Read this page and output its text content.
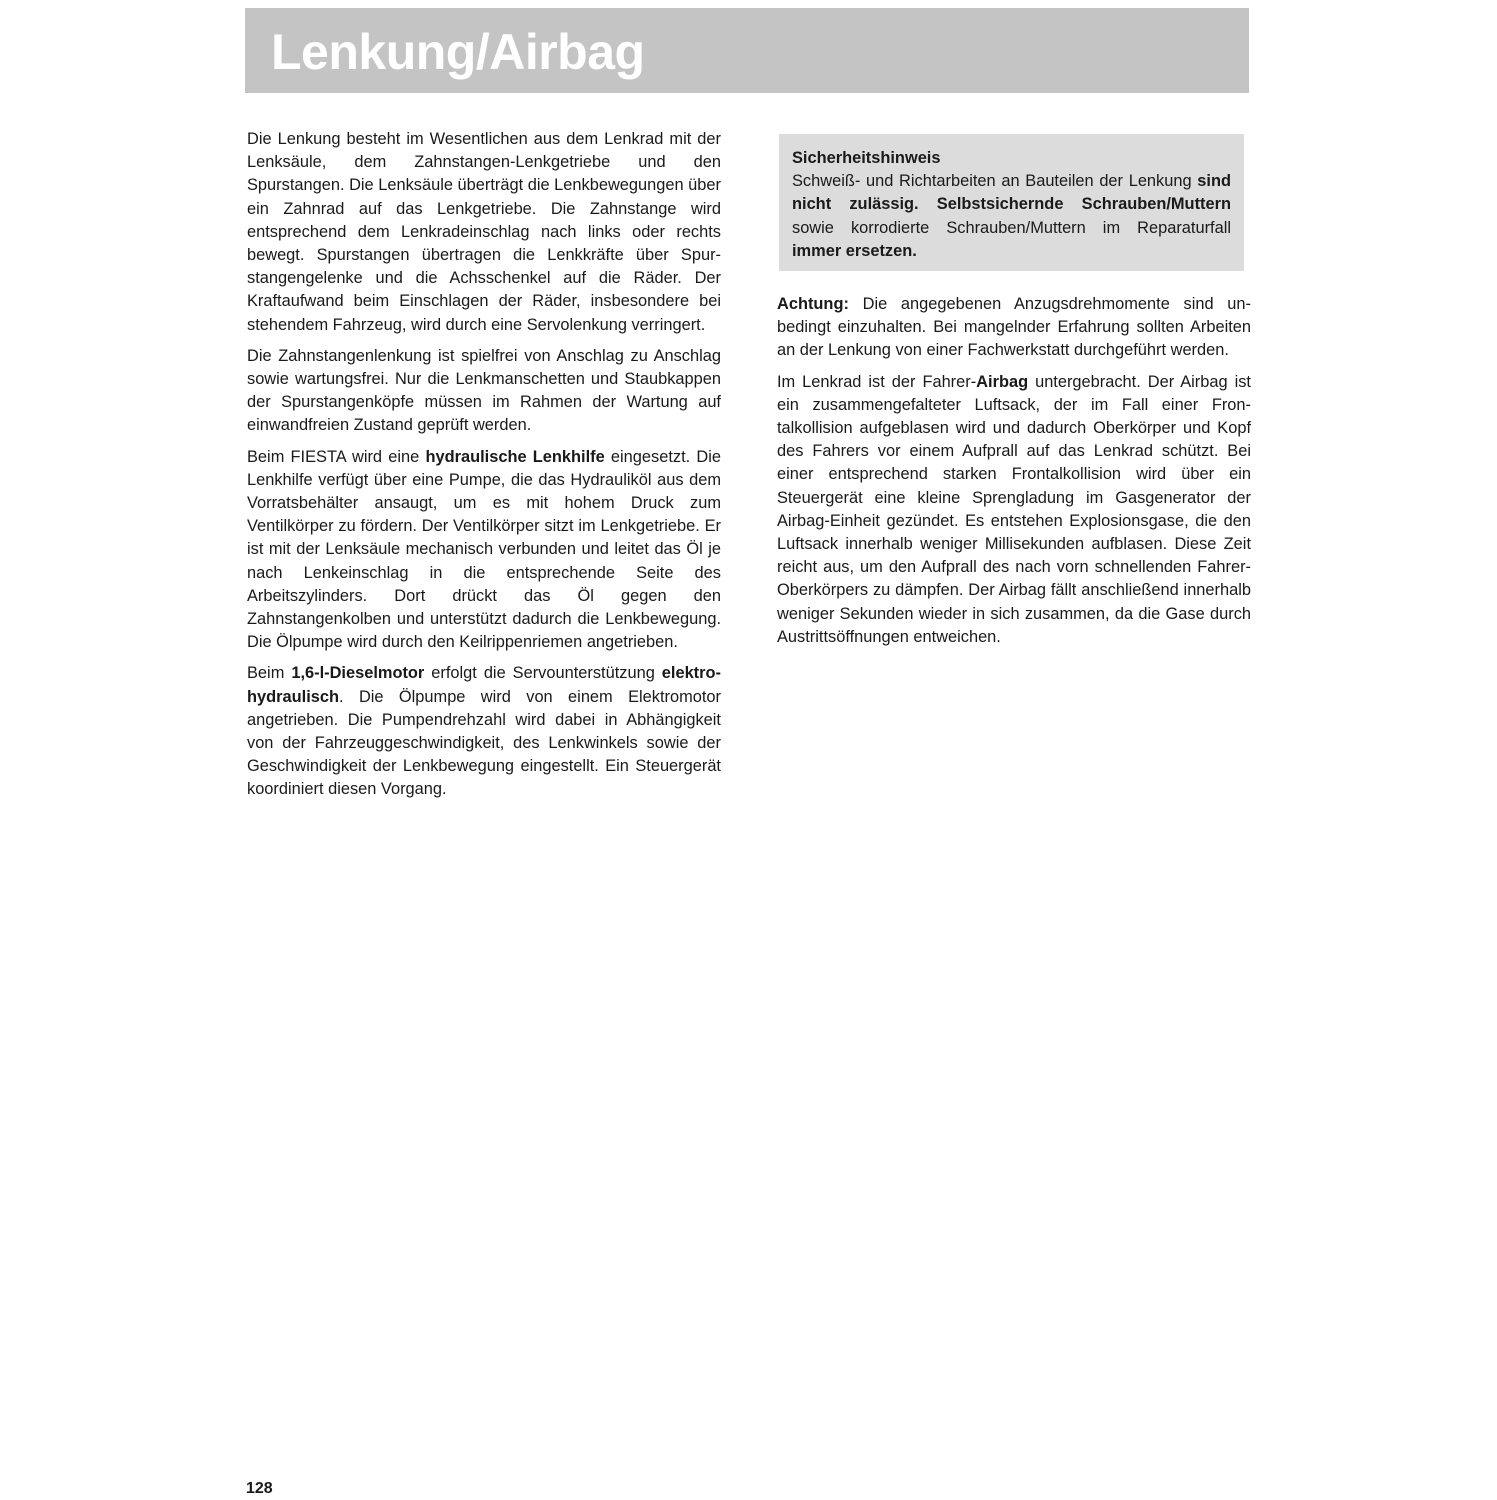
Lenkung/Airbag

Die Lenkung besteht im Wesentlichen aus dem Lenkrad mit der Lenksäule, dem Zahnstangen-Lenkgetriebe und den Spurstangen. Die Lenksäule überträgt die Lenkbewegungen über ein Zahnrad auf das Lenkgetriebe. Die Zahnstange wird entsprechend dem Lenkradeinschlag nach links oder rechts bewegt. Spurstangen übertragen die Lenkkräfte über Spurstangengelenke und die Achsschenkel auf die Räder. Der Kraftaufwand beim Einschlagen der Räder, insbesondere bei stehendem Fahrzeug, wird durch eine Servolenkung verringert.

Die Zahnstangenlenkung ist spielfrei von Anschlag zu Anschlag sowie wartungsfrei. Nur die Lenkmanschetten und Staubkappen der Spurstangenköpfe müssen im Rahmen der Wartung auf einwandfreien Zustand geprüft werden.

Beim FIESTA wird eine hydraulische Lenkhilfe eingesetzt. Die Lenkhilfe verfügt über eine Pumpe, die das Hydrauliköl aus dem Vorratsbehälter ansaugt, um es mit hohem Druck zum Ventilkörper zu fördern. Der Ventilkörper sitzt im Lenkgetriebe. Er ist mit der Lenksäule mechanisch verbunden und leitet das Öl je nach Lenkeinschlag in die entsprechende Seite des Arbeitszylinders. Dort drückt das Öl gegen den Zahnstangenkolben und unterstützt dadurch die Lenkbewegung. Die Ölpumpe wird durch den Keilrippenriemen angetrieben.

Beim 1,6-l-Dieselmotor erfolgt die Servounterstützung elektro-hydraulisch. Die Ölpumpe wird von einem Elektromotor angetrieben. Die Pumpendrehzahl wird dabei in Abhängigkeit von der Fahrzeuggeschwindigkeit, des Lenkwinkels sowie der Geschwindigkeit der Lenkbewegung eingestellt. Ein Steuergerät koordiniert diesen Vorgang.

Sicherheitshinweis

Schweiß- und Richtarbeiten an Bauteilen der Lenkung sind nicht zulässig. Selbstsichernde Schrauben/Muttern sowie korrodierte Schrauben/Muttern im Reparaturfall immer ersetzen.

Achtung: Die angegebenen Anzugsdrehmomente sind unbedingt einzuhalten. Bei mangelnder Erfahrung sollten Arbeiten an der Lenkung von einer Fachwerkstatt durchgeführt werden.

Im Lenkrad ist der Fahrer-Airbag untergebracht. Der Airbag ist ein zusammengefalteter Luftsack, der im Fall einer Frontalkollision aufgeblasen wird und dadurch Oberkörper und Kopf des Fahrers vor einem Aufprall auf das Lenkrad schützt. Bei einer entsprechend starken Frontalkollision wird über ein Steuergerät eine kleine Sprengladung im Gasgenerator der Airbag-Einheit gezündet. Es entstehen Explosionsgase, die den Luftsack innerhalb weniger Millisekunden aufblasen. Diese Zeit reicht aus, um den Aufprall des nach vorn schnellenden Fahrer-Oberkörpers zu dämpfen. Der Airbag fällt anschließend innerhalb weniger Sekunden wieder in sich zusammen, da die Gase durch Austrittsöffnungen entweichen.

128
